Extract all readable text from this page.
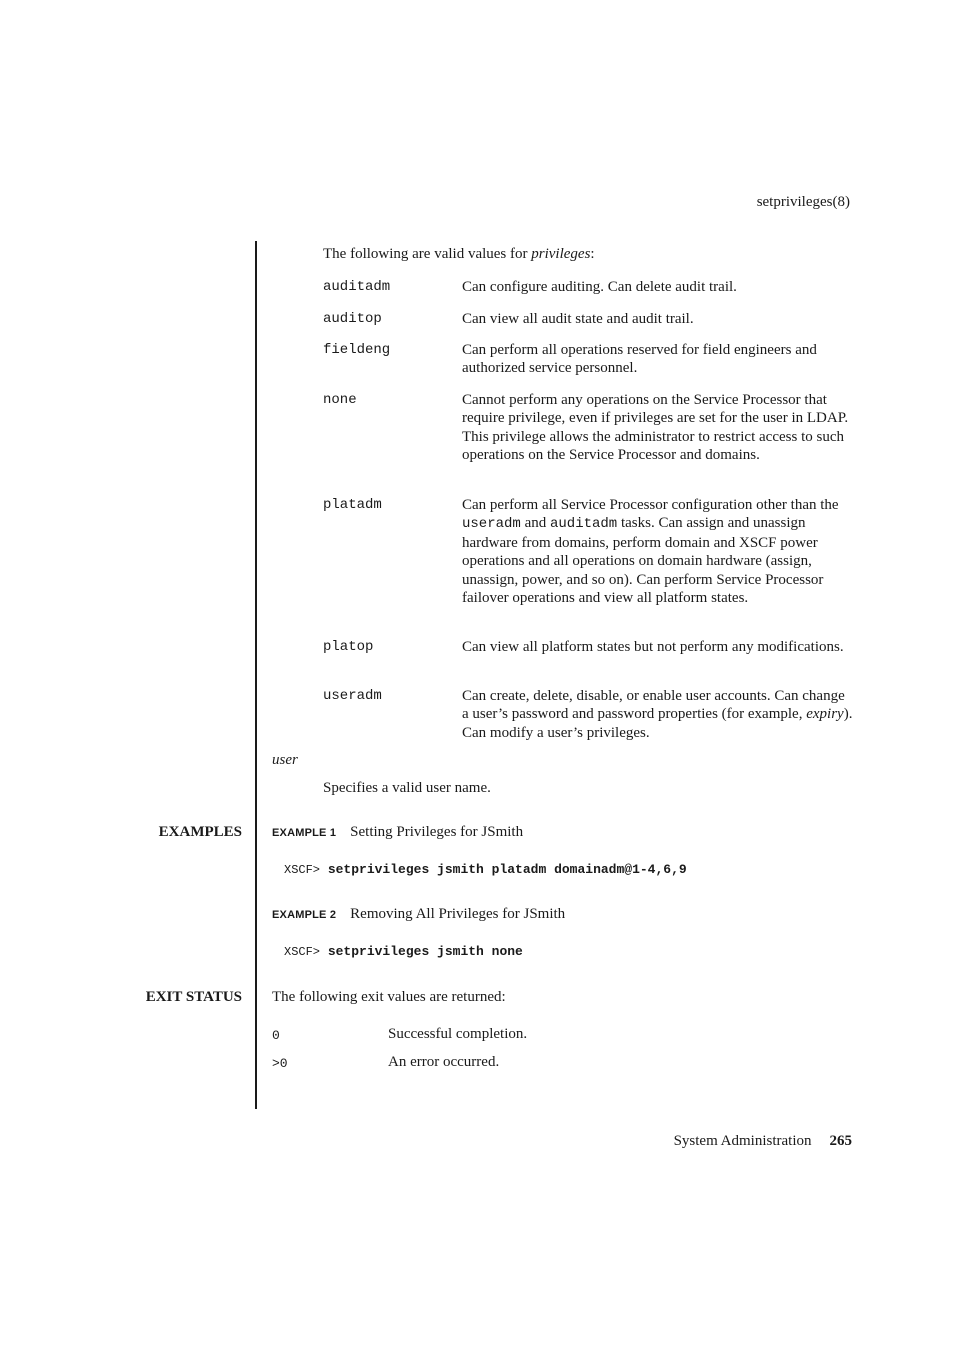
setprivileges(8)
The following are valid values for privileges:
auditadm	Can configure auditing. Can delete audit trail.
auditop	Can view all audit state and audit trail.
fieldeng	Can perform all operations reserved for field engineers and authorized service personnel.
none	Cannot perform any operations on the Service Processor that require privilege, even if privileges are set for the user in LDAP. This privilege allows the administrator to restrict access to such operations on the Service Processor and domains.
platadm	Can perform all Service Processor configuration other than the useradm and auditadm tasks. Can assign and unassign hardware from domains, perform domain and XSCF power operations and all operations on domain hardware (assign, unassign, power, and so on). Can perform Service Processor failover operations and view all platform states.
platop	Can view all platform states but not perform any modifications.
useradm	Can create, delete, disable, or enable user accounts. Can change a user’s password and password properties (for example, expiry). Can modify a user’s privileges.
user
Specifies a valid user name.
EXAMPLES	EXAMPLE 1 Setting Privileges for JSmith
XSCF> setprivileges jsmith platadm domainadm@1-4,6,9
EXAMPLE 2 Removing All Privileges for JSmith
XSCF> setprivileges jsmith none
EXIT STATUS The following exit values are returned:
0	Successful completion.
>0	An error occurred.
System Administration 265
